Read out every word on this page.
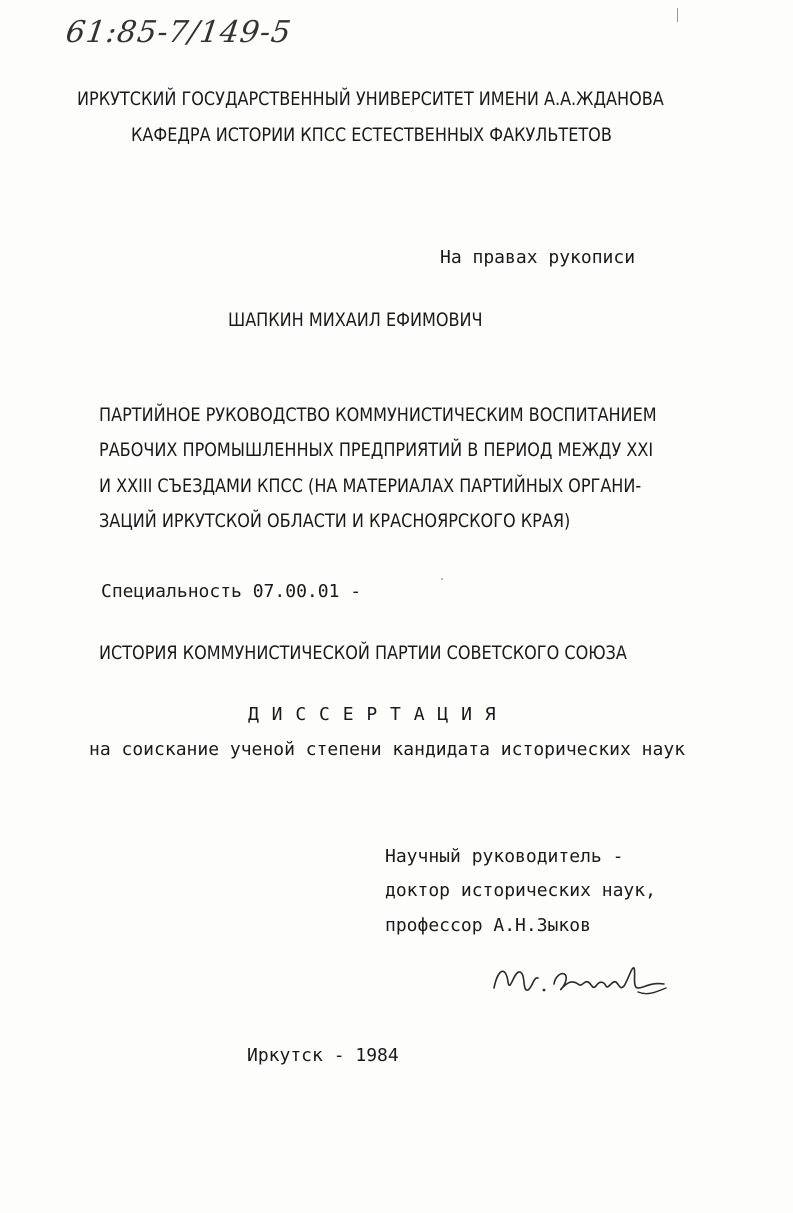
61:85-7/149-5
ИРКУТСКИЙ ГОСУДАРСТВЕННЫЙ УНИВЕРСИТЕТ ИМЕНИ А.А.ЖДАНОВА
КАФЕДРА ИСТОРИИ КПСС ЕСТЕСТВЕННЫХ ФАКУЛЬТЕТОВ
На правах рукописи
ШАПКИН МИХАИЛ ЕФИМОВИЧ
ПАРТИЙНОЕ РУКОВОДСТВО КОММУНИСТИЧЕСКИМ ВОСПИТАНИЕМ
РАБОЧИХ ПРОМЫШЛЕННЫХ ПРЕДПРИЯТИЙ В ПЕРИОД МЕЖДУ XXI
И XXIII СЪЕЗДАМИ КПСС (НА МАТЕРИАЛАХ ПАРТИЙНЫХ ОРГАНИ-
ЗАЦИЙ ИРКУТСКОЙ ОБЛАСТИ И КРАСНОЯРСКОГО КРАЯ)
Специальность 07.00.01 -
ИСТОРИЯ КОММУНИСТИЧЕСКОЙ ПАРТИИ СОВЕТСКОГО СОЮЗА
Д И С С Е Р Т А Ц И Я
на соискание ученой степени кандидата исторических наук
Научный руководитель -
доктор исторических наук,
профессор А.Н.Зыков
Иркутск - 1984
